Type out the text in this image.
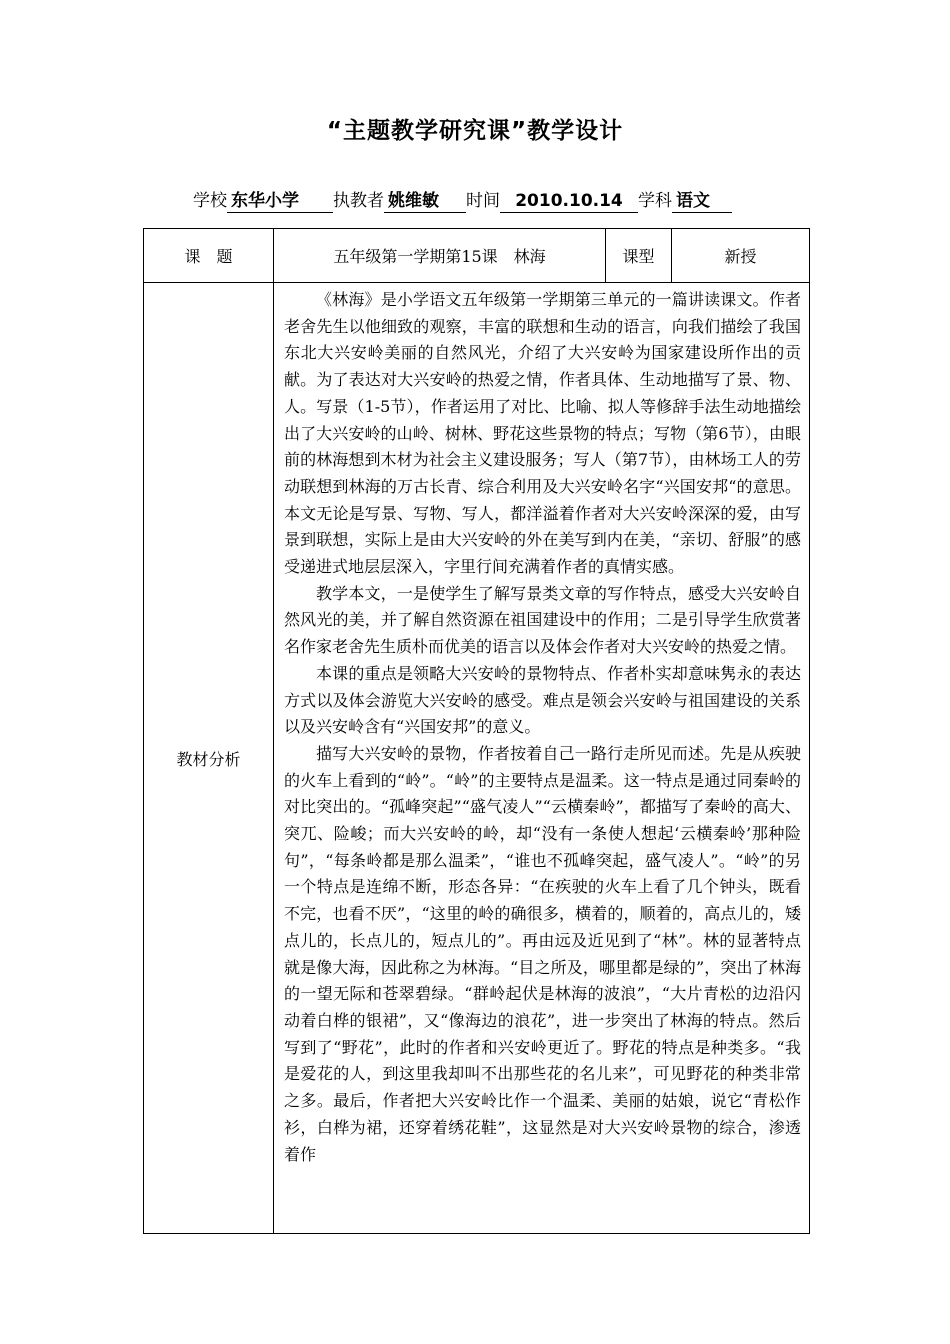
“主题教学研究课”教学设计
学校 东华小学 执教者 姚维敏 时间 2010.10.14 学科 语文
课　题	五年级第一学期第15课　林海	课型	新授
教材分析	《林海》是小学语文五年级第一学期第三单元的一篇讲读课文。作者老舍先生以他细致的观察，丰富的联想和生动的语言，向我们描绘了我国东北大兴安岭美丽的自然风光，介绍了大兴安岭为国家建设所作出的贡献。为了表达对大兴安岭的热爱之情，作者具体、生动地描写了景、物、人。写景（1-5节），作者运用了对比、比喻、拟人等修辞手法生动地描绘出了大兴安岭的山岭、树林、野花这些景物的特点；写物（第6节），由眼前的林海想到木材为社会主义建设服务；写人（第7节），由林场工人的劳动联想到林海的万古长青、综合利用及大兴安岭名字“兴国安邦“的意思。本文无论是写景、写物、写人，都洋溢着作者对大兴安岭深深的爱，由写景到联想，实际上是由大兴安岭的外在美写到内在美，“亲切、舒服”的感受递进式地层层深入，字里行间充满着作者的真情实感。

教学本文，一是使学生了解写景类文章的写作特点，感受大兴安岭自然风光的美，并了解自然资源在祖国建设中的作用；二是引导学生欣赏著名作家老舍先生质朴而优美的语言以及体会作者对大兴安岭的热爱之情。

本课的重点是领略大兴安岭的景物特点、作者朴实却意味隽永的表达方式以及体会游览大兴安岭的感受。难点是领会兴安岭与祖国建设的关系以及兴安岭含有“兴国安邦”的意义。

描写大兴安岭的景物，作者按着自己一路行走所见而述。先是从疾驶的火车上看到的“岭”。“岭”的主要特点是温柔。这一特点是通过同秦岭的对比突出的。“孤峰突起”“盛气凌人”“云横秦岭”，都描写了秦岭的高大、突兀、险峻；而大兴安岭的岭，却“没有一条使人想起‘云横秦岭’那种险句”，“每条岭都是那么温柔”，“谁也不孤峰突起，盛气凌人”。“岭”的另一个特点是连绵不断，形态各异：“在疾驶的火车上看了几个钟头，既看不完，也看不厌”，“这里的岭的确很多，横着的，顺着的，高点儿的，矮点儿的，长点儿的，短点儿的”。再由远及近见到了“林”。林的显著特点就是像大海，因此称之为林海。“目之所及，哪里都是绿的”，突出了林海的一望无际和苍翠碧绿。“群岭起伏是林海的波浪”，“大片青松的边沿闪动着白桦的银裙”，又“像海边的浪花”，进一步突出了林海的特点。然后写到了“野花”，此时的作者和兴安岭更近了。野花的特点是种类多。“我是爱花的人，到这里我却叫不出那些花的名儿来”，可见野花的种类非常之多。最后，作者把大兴安岭比作一个温柔、美丽的姑娘，说它“青松作衫，白桦为裙，还穿着绣花鞋”，这显然是对大兴安岭景物的综合，渗透着作		
